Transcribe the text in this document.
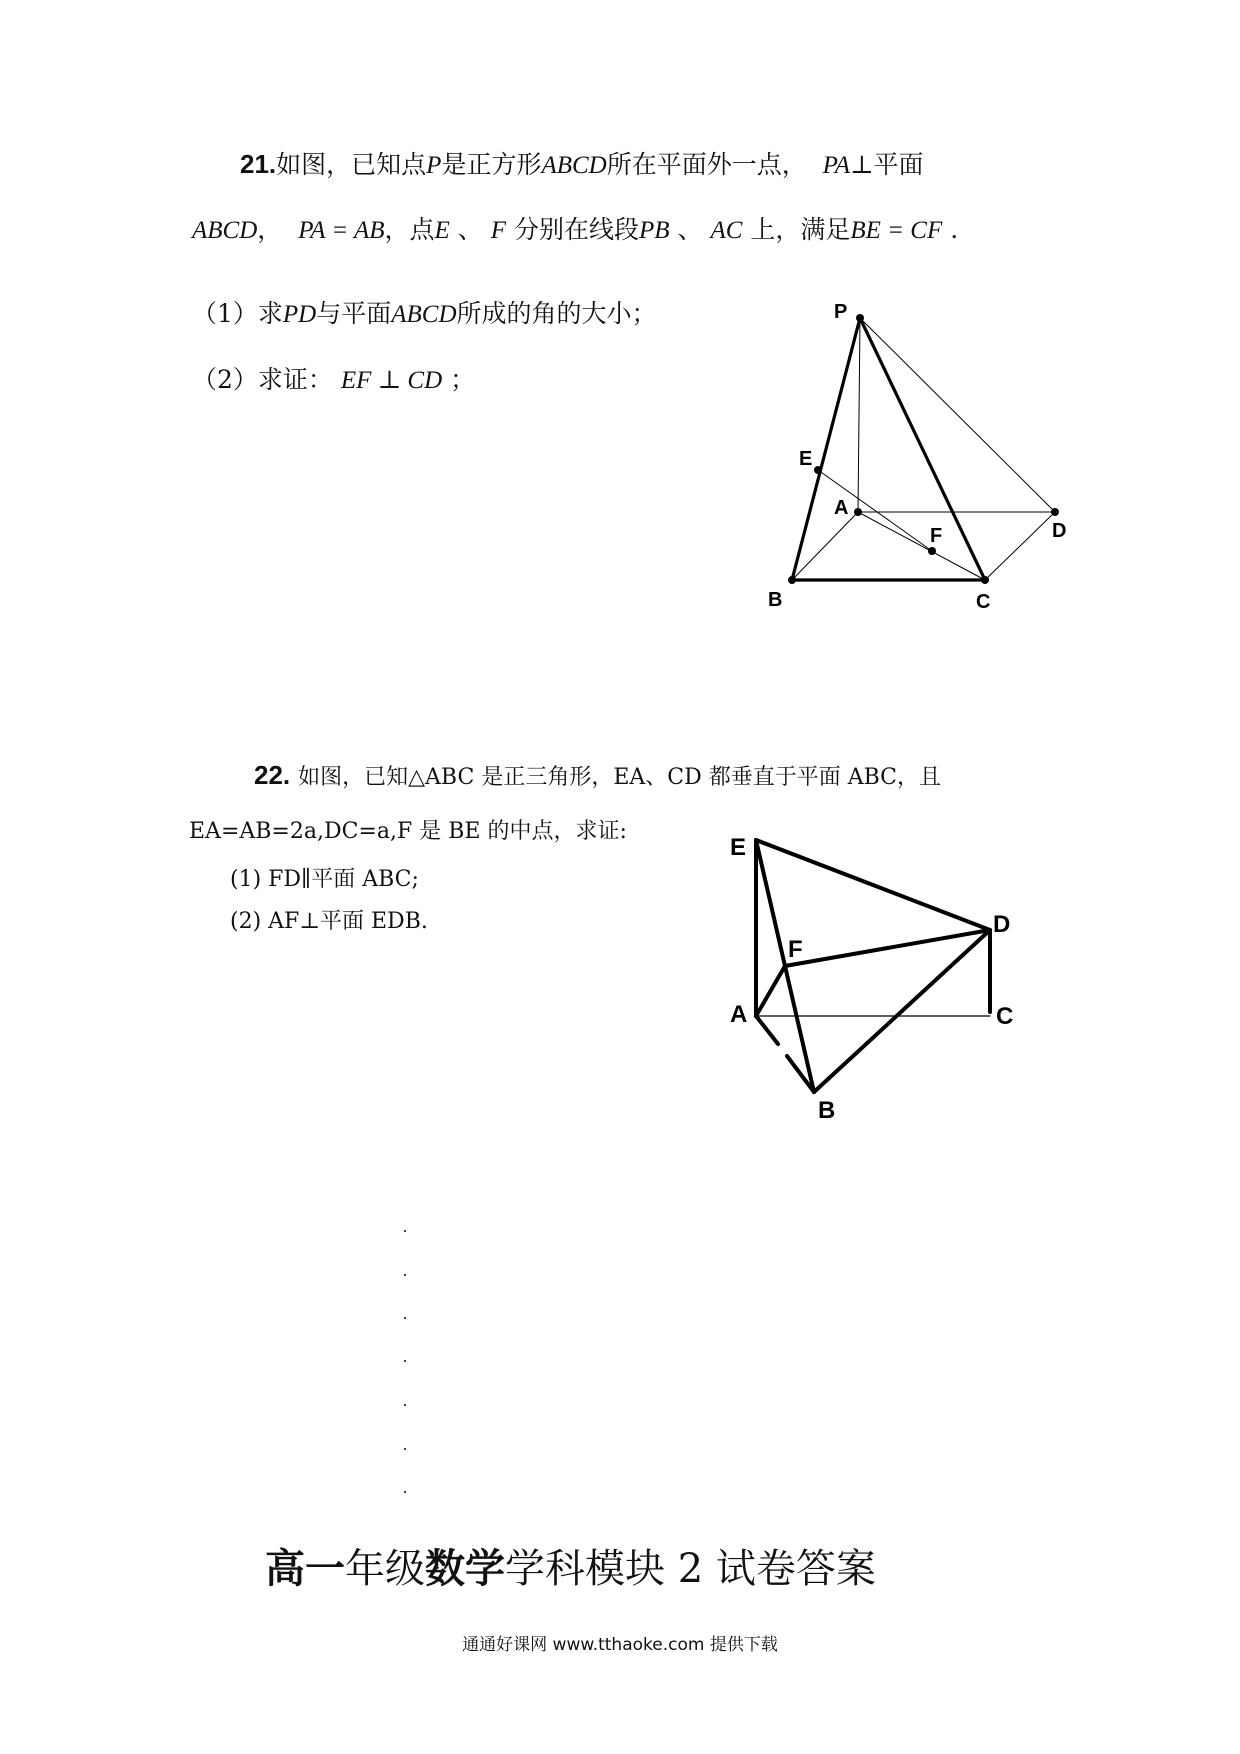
21.如图，已知点P是正方形ABCD所在平面外一点， PA⊥平面
ABCD， PA = AB，点E 、 F 分别在线段PB 、 AC 上，满足BE = CF .
（1）求PD与平面ABCD所成的角的大小；
（2）求证： EF ⊥ CD ；
P
E
A
F	D
B	C
22. 如图，已知△ABC 是正三角形，EA、CD 都垂直于平面 ABC，且
EA=AB=2a,DC=a,F 是 BE 的中点，求证:
(1) FD∥平面 ABC;
(2) AF⊥平面 EDB.
E
D
F
A	C
B
高一年级数学学科模块 2 试卷答案
通通好课网 www.tthaoke.com 提供下载
